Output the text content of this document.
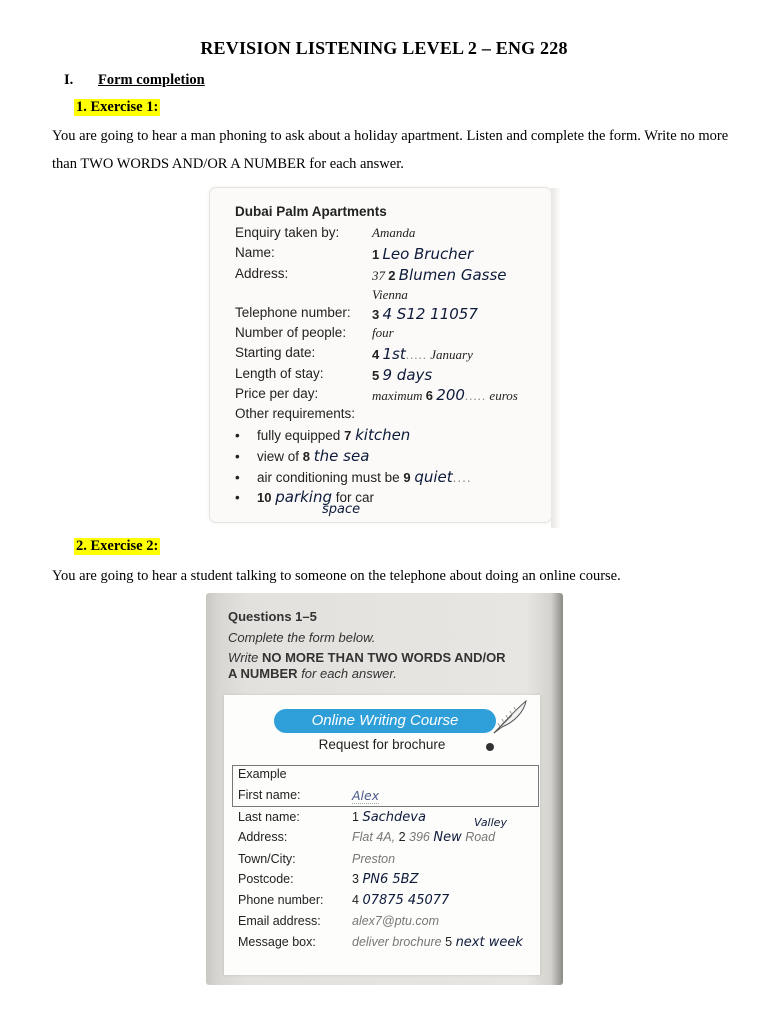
REVISION LISTENING LEVEL 2 – ENG 228
I. Form completion
1. Exercise 1:
You are going to hear a man phoning to ask about a holiday apartment. Listen and complete the form. Write no more than TWO WORDS AND/OR A NUMBER for each answer.
Dubai Palm Apartments
Enquiry taken by:	Amanda
Name:	1 Leo Brucher
Address:	37 2 Blumen Gasse
Vienna
Telephone number: 3 4 S12 11057
Number of people: four
Starting date:	4 1st..... January
Length of stay:	5 9 days
Price per day:	maximum 6 200..... euros
Other requirements:
• fully equipped 7 kitchen
• view of 8 the sea
• air conditioning must be 9 quiet....
• 10 parking for car
space
2. Exercise 2:
You are going to hear a student talking to someone on the telephone about doing an online course.
Questions 1–5
Complete the form below.
Write NO MORE THAN TWO WORDS AND/OR
A NUMBER for each answer.
Online Writing Course
Request for brochure
Example
First name:	Alex
Last name:	1 Sachdeva
Address:	Flat 4A, 2 396 New Road
Valley
Town/City:	Preston
Postcode:	3 PN6 5BZ
Phone number: 4 07875 45077
Email address:	alex7@ptu.com
Message box:	deliver brochure 5 next week
